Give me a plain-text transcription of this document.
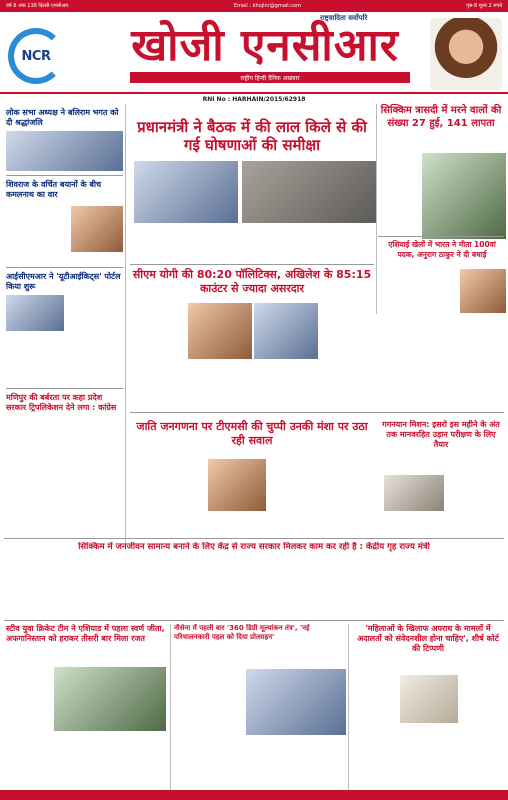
वर्ष 8 अंक 138 दिल्ली-एनसीआर	Email : khojinr@gmail.com	पृष्ठ-8 मूल्य 2 रुपये
NCR
राष्ट्रवादिता सर्वोपरि
खोजी एनसीआर
राष्ट्रीय हिन्दी दैनिक अखबार
RNI No : HARHAIN/2015/62918
लोक सभा अध्यक्ष ने बलिराम भगत को दी श्रद्धांजलि
शिवराज के वर्चित बयानों के बीच कमलनाथ का वार
आईसीएमआर ने 'यूटीआईकिट्स' पोर्टल किया शुरू
मणिपुर की बर्बरता पर कहा प्रदेश सरकार ट्रिपलिकेशन देने लगा : कांग्रेस
प्रधानमंत्री ने बैठक में की लाल किले से की गई घोषणाओं की समीक्षा
सिक्किम त्रासदी में मरने वालों की संख्या 27 हुई, 141 लापता
सीएम योगी की 80:20 पॉलिटिक्स, अखिलेश के 85:15 काउंटर से ज्यादा असरदार
एशियाई खेलों में भारत ने मीता 100वां पदक, अनुराग ठाकुर ने दी बधाई
जाति जनगणना पर टीएमसी की चुप्पी उनकी मंशा पर उठा रही सवाल
गगनयान मिशन: इसरो इस महीने के अंत तक मानवरहित उड़ान परीक्षण के लिए तैयार
सिक्किम में जनजीवन सामान्य बनाने के लिए केंद्र से राज्य सरकार मिलकर काम कर रही है : केंद्रीय गृह राज्य मंत्री
स्टीव युवा क्रिकेट टीम ने एशियाड में पहला स्वर्ण जीता, अफगानिस्तान को हराकर तीसरी बार मिला रजत
नौसेना में पहली बार '360 डिग्री मूल्यांकन तंत्र', 'नई परिचालनकारी पहल को दिया प्रोत्साहन'
'महिलाओं के खिलाफ अपराध के मामलों में अदालतों को संवेदनशील होना चाहिए', शीर्ष कोर्ट की टिप्पणी
